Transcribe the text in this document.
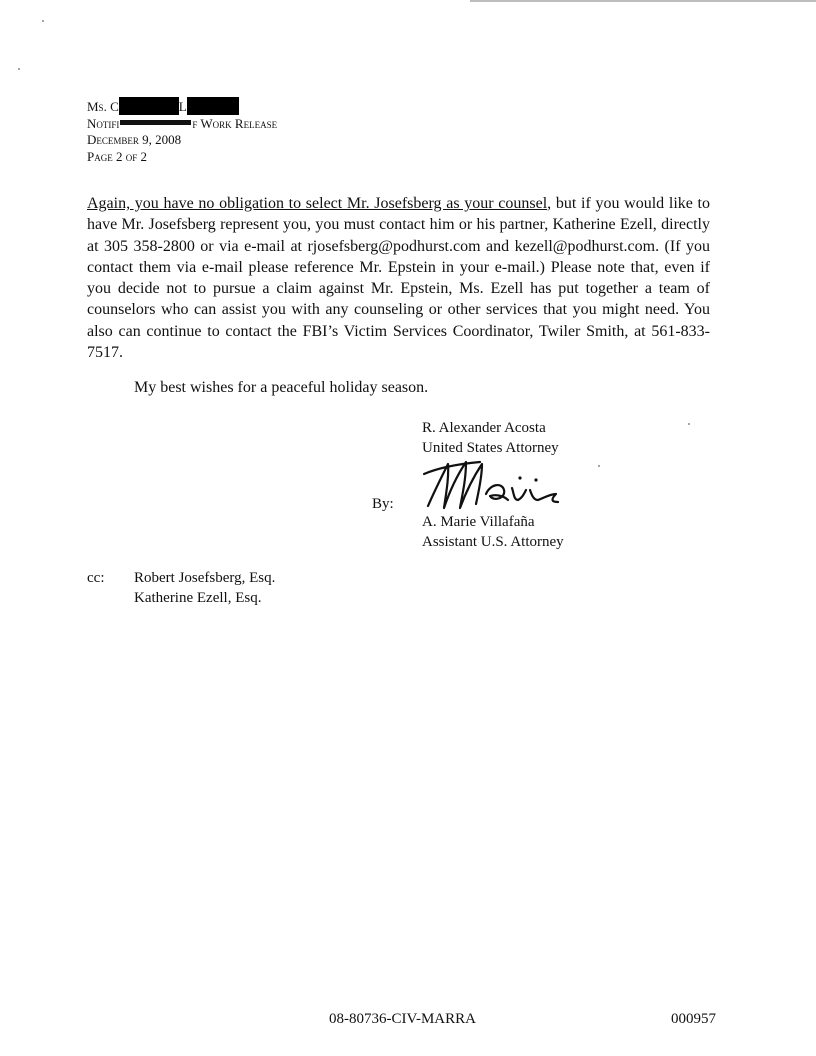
Ms. C	L
Notifi	f Work Release
December 9, 2008
Page 2 of 2
Again, you have no obligation to select Mr. Josefsberg as your counsel, but if you would like to have Mr. Josefsberg represent you, you must contact him or his partner, Katherine Ezell, directly at 305 358-2800 or via e-mail at rjosefsberg@podhurst.com and kezell@podhurst.com. (If you contact them via e-mail please reference Mr. Epstein in your e-mail.) Please note that, even if you decide not to pursue a claim against Mr. Epstein, Ms. Ezell has put together a team of counselors who can assist you with any counseling or other services that you might need. You also can continue to contact the FBI’s Victim Services Coordinator, Twiler Smith, at 561-833-7517.
My best wishes for a peaceful holiday season.
R. Alexander Acosta
United States Attorney
By:
A. Marie Villafaña
Assistant U.S. Attorney
cc: Robert Josefsberg, Esq.
Katherine Ezell, Esq.
08-80736-CIV-MARRA	000957
